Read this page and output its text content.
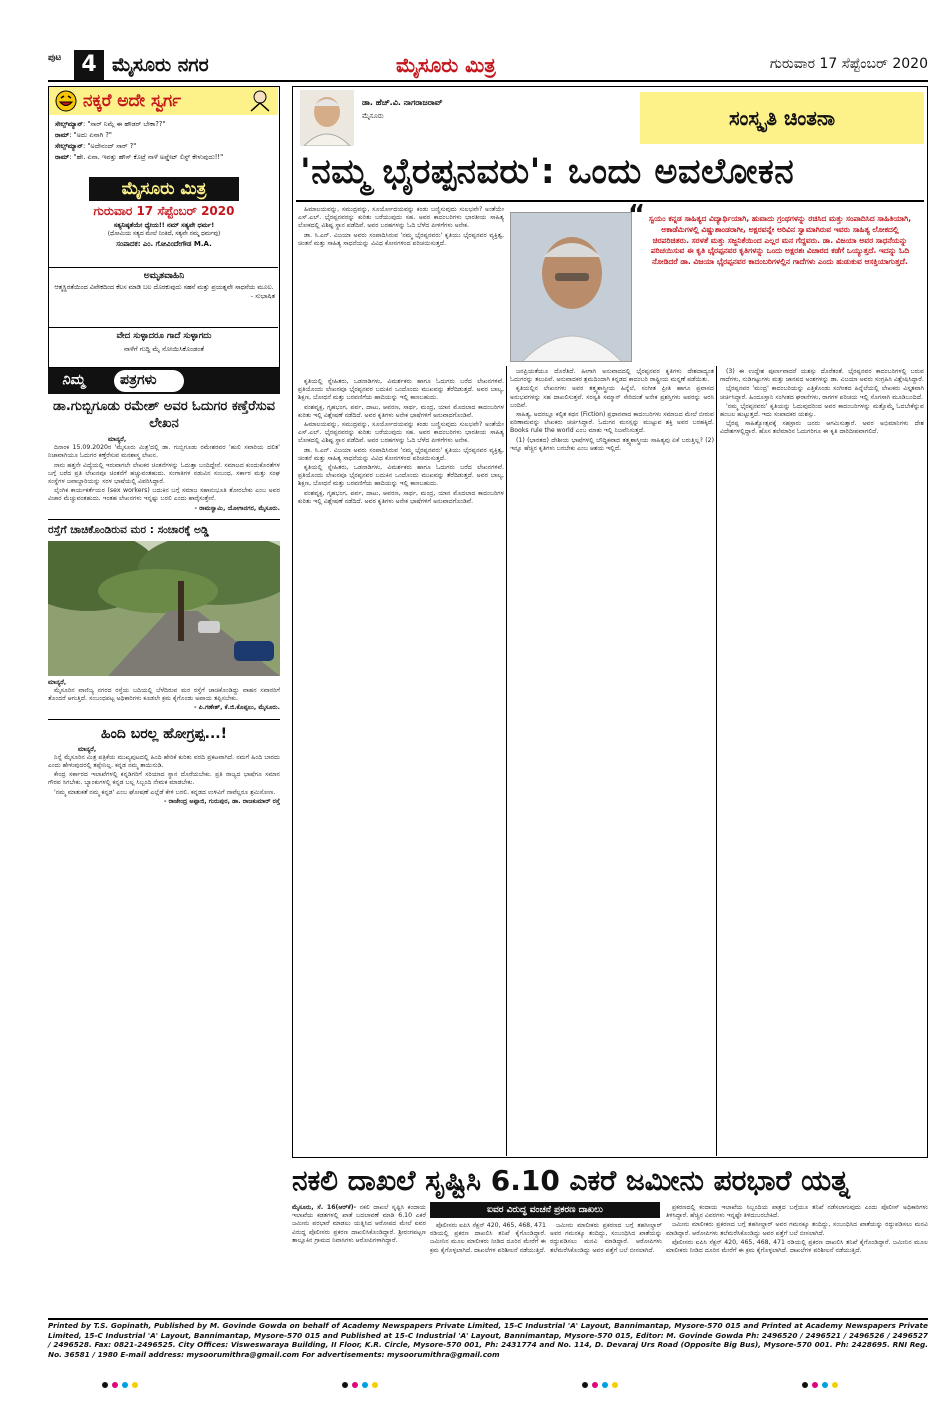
ಪುಟ 4 ಮೈಸೂರು ನಗರ	ಮೈಸೂರು ಮಿತ್ರ	ಗುರುವಾರ 17 ಸೆಪ್ಟೆಂಬರ್ 2020
ನಕ್ಕರೆ ಅದೇ ಸ್ವರ್ಗ
ಸೇಲ್ಸ್‌ಮ್ಯಾನ್: "ಸಾರ್ ನಿಮ್ಗೆ ಈ ಹೌಡರ್ ಬೇಕಾ??"
ರಾಮ್: "ಅದು ಏನಾಗಿ ?"
ಸೇಲ್ಸ್‌ಮ್ಯಾನ್: "ಅದೇನಂದ್ ಸಾರ್ ?"
ರಾಮ್: "ಹೇ. ಏನಾ. ಇವತ್ತು ಹೌಸ್ ಕೊಟ್ರೆ ನಾಳೆ ಅಪ್ಡೇಟ್ ಲಿಸ್ಟ್ ಕೇಳುವುದು!!"
ಮೈಸೂರು ಮಿತ್ರ
ಗುರುವಾರ 17 ಸೆಪ್ಟೆಂಬರ್ 2020
ಸತ್ಯನಿಷ್ಠತೆಯೇ ಧ್ಯೇಯ!! ನಮ್ ಸತ್ಯವೇ ಧರ್ಮ!
(ಧೋಮಿಯ ಸತ್ಯದ ಮೇಲೆ ನಿಂತಿದೆ, ಸತ್ಯವೇ ನಮ್ಮ ಧರ್ಮವು)
ಸಂಪಾದಕ: ಎಂ. ಗೋವಿಂದೇಗೌಡ M.A.
ಅಮೃತವಾಹಿನಿ
ಆತ್ಮಸ್ಥಿರತೆಯಿಂದ ವಿವೇಕದಿಂದ ಕೆಲಸ ಮಾಡಿ ಬಲ ದೊರಕುವುದು ಸಹನೆ ಮತ್ತು ಪ್ರಯತ್ನವೇ ಸಾಧನೆಯ ಮೂಲ.
- ಸುಭಾಷಿತ
ವೇದ ಸುಳ್ಳಾದರೂ ಗಾದೆ ಸುಳ್ಳಾಗದು
ನಾಳೆಗೆ ಗುದ್ದಿ ಮೈ ನೋಯಿಸಿಕೊಂಡಂತೆ
ನಿಮ್ಮ ಪತ್ರಗಳು
ಡಾ.ಗುಬ್ಬಿಗೂಡು ರಮೇಶ್ ಅವರ ಓದುಗರ ಕಣ್ತೆರೆಸುವ ಲೇಖನ
ಮಾನ್ಯರೆ,

ದಿನಾಂಕ 15.09.2020ರ 'ಮೈಸೂರು ಮಿತ್ರ'ದಲ್ಲಿ ಡಾ. ಗುಬ್ಬಿಗೂಡು ರಮೇಶರವರ 'ಹುಲಿ ಸವಾರಿಯ ದಲಿತ' ನಿಜಾವಾಗಿಯೂ ಓದುಗರ ಕಣ್ತೆರೆಸುವ ಮನಶಾಸ್ತ್ರ ಲೇಖನ.

ನಾನು ಹತ್ತನೇ ವಿದ್ಯೆಯಲ್ಲಿ ಇರುವಾಗಲೇ ಲೇಖಕರ ಚಿಂತನೆಗಳನ್ನು ಓದುತ್ತಾ ಬಂದಿದ್ದೇನೆ. ಸಮಾಜದ ಕುಂದುಕೊರತೆಗಳ ಬಗ್ಗೆ ಬರೆದ ಪ್ರತಿ ಲೇಖನವೂ ಚಿಂತನೆಗೆ ಹಚ್ಚುವಂತಹುದು. ಸಂಗಾತಿಗಳ ನಡುವಿನ ಸಂಬಂಧ, ಸರ್ಕಾರ ಮತ್ತು ಸಂಘ ಸಂಸ್ಥೆಗಳ ಜವಾಬ್ದಾರಿಯನ್ನು ಸರಳ ಭಾಷೆಯಲ್ಲಿ ವಿವರಿಸಿದ್ದಾರೆ.

ಲೈಂಗಿಕ ಕಾರ್ಯಕರ್ತೆಯರ (sex workers) ಬದುಕಿನ ಬಗ್ಗೆ ಸಮಾಜ ಸಹಾನುಭೂತಿ ತೋರಬೇಕು ಎಂಬ ಅವರ ವಿಚಾರ ಮೆಚ್ಚುವಂತಹುದು. ಇಂತಹ ಲೇಖನಗಳು ಇನ್ನಷ್ಟು ಬರಲಿ ಎಂದು ಹಾರೈಸುತ್ತೇನೆ.

- ರಾಮಸ್ವಾಮಿ, ಯೋಗಾನಗರ, ಮೈಸೂರು.
ರಸ್ತೆಗೆ ಚಾಚಿಕೊಂಡಿರುವ ಮರ : ಸಂಚಾರಕ್ಕೆ ಅಡ್ಡಿ
ಮಾನ್ಯರೆ,

ಮೈಸೂರಿನ ವಾಣಿಜ್ಯ ನಗರದ ರಸ್ತೆಯ ಬದಿಯಲ್ಲಿ ಬೆಳೆದಿರುವ ಮರ ರಸ್ತೆಗೆ ಚಾಚಿಕೊಂಡಿದ್ದು ವಾಹನ ಸವಾರರಿಗೆ ತೊಂದರೆ ಆಗುತ್ತಿದೆ. ಸಂಬಂಧಪಟ್ಟ ಅಧಿಕಾರಿಗಳು ಕೂಡಲೇ ಕ್ರಮ ಕೈಗೊಂಡು ಅಪಾಯ ತಪ್ಪಿಸಬೇಕು.

- ಪಿ.ಗಣೇಶ್, ಕೆ.ಜಿ.ಕೊಪ್ಪಲು, ಮೈಸೂರು.
ಹಿಂದಿ ಬರಲ್ಲ ಹೋಗ್ರಪ್ಪ...!
ಮಾನ್ಯರೆ,

ನಿನ್ನೆ ಮೈಸೂರಿನ ಮಿತ್ರ ಪತ್ರಿಕೆಯ ಮುಖ್ಯಪುಟದಲ್ಲಿ ಹಿಂದಿ ಹೇರಿಕೆ ಕುರಿತು ವರದಿ ಪ್ರಕಟವಾಗಿದೆ. ನಮಗೆ ಹಿಂದಿ ಬಾರದು ಎಂದು ಹೇಳುವುದರಲ್ಲಿ ತಪ್ಪೇನಿಲ್ಲ. ಕನ್ನಡ ನಮ್ಮ ತಾಯಿನುಡಿ.

ಕೇಂದ್ರ ಸರ್ಕಾರದ ಇಲಾಖೆಗಳಲ್ಲಿ ಕನ್ನಡಿಗರಿಗೆ ಸರಿಯಾದ ಸ್ಥಾನ ದೊರೆಯಬೇಕು. ಪ್ರತಿ ರಾಜ್ಯದ ಭಾಷೆಗೂ ಸಮಾನ ಗೌರವ ಸಿಗಬೇಕು. ಬ್ಯಾಂಕುಗಳಲ್ಲಿ ಕನ್ನಡ ಬಲ್ಲ ಸಿಬ್ಬಂದಿ ನೇಮಕ ಮಾಡಬೇಕು.

'ನಮ್ಮ ಮಾತುಕತೆ ನಮ್ಮ ಕನ್ನಡ' ಎಂಬ ಘೋಷಣೆ ಎಲ್ಲೆಡೆ ಕೇಳಿ ಬರಲಿ. ಕನ್ನಡದ ಉಳಿವಿಗೆ ನಾವೆಲ್ಲರೂ ಶ್ರಮಿಸೋಣ.

- ರಾಜೇಂದ್ರ ಅಪ್ಪಾಜಿ, ಗುರುಪುರ, ಡಾ. ರಾಜಕುಮಾರ್ ರಸ್ತೆ
ಡಾ. ಹೆಚ್.ವಿ. ನಾಗರಾಜರಾವ್
ಮೈಸೂರು	ಸಂಸ್ಕೃತಿ ಚಿಂತನಾ
'ನಮ್ಮ ಭೈರಪ್ಪನವರು': ಒಂದು ಅವಲೋಕನ
“ ಸ್ವಯಂ ಕನ್ನಡ ಸಾಹಿತ್ಯದ ವಿದ್ಯಾರ್ಥಿಯಾಗಿ, ಹುವಾದು ಗ್ರಂಥಗಳನ್ನು ರಚಿಸಿದ ಮತ್ತು ಸಂಪಾದಿಸಿದ ಸಾಹಿತಿಯಾಗಿ, ಅಕಾಡೆಮಿಗಳಲ್ಲಿ ವಿಷ್ಣುಶಾಂಡರಾಗೀ, ಅಕ್ಷರವನ್ನೇ ಅರಿವಿನ ಸ್ವಾಮಾಗಿರುವ ಇವರು ಸಾಹಿತ್ಯ ಲೋಕದಲ್ಲಿ ಚಿರಪರಿಚಿತರು. ಸರಳತೆ ಮತ್ತು ಸಜ್ಜನಿಕೆಯಿಂದ ಎಲ್ಲರ ಮನ ಗೆದ್ದವರು. ಡಾ. ವಿಜಯಾ ಅವರ ಸಾಧನೆಯನ್ನು ಪರಿಚಯಿಸುವ ಈ ಕೃತಿ ಭೈರಪ್ಪನವರ ಕೃತಿಗಳನ್ನು ಒಂದು ಅಕ್ಷರಶಃ ವಿಚಾರದ ಕಡೆಗೆ ಒಯ್ಯುತ್ತದೆ. ಇದನ್ನು ಓದಿ ನೋಡಿದರೆ ಡಾ. ವಿಜಯಾ ಭೈರಪ್ಪನವರ ಕಾದಂಬರಿಗಳಲ್ಲಿನ ಗಾದೆಗಳು ಎಂದು ಹುಡುಕುವ ಆಸಕ್ತಿಯಾಗುತ್ತದೆ.

ಹಿಮಾಲಯವನ್ನು, ಸಮುದ್ರವನ್ನು, ಸೂರ್ಯೋದಯವನ್ನು ಕಂಡು ಬಣ್ಣಿಸುವುದು ಸುಲಭವೇ? ಅಂತೆಯೇ ಎಸ್.ಎಲ್. ಭೈರಪ್ಪನವರನ್ನು ಕುರಿತು ಬರೆಯುವುದು ಸಹ. ಅವರ ಕಾದಂಬರಿಗಳು ಭಾರತೀಯ ಸಾಹಿತ್ಯ ಲೋಕದಲ್ಲಿ ವಿಶಿಷ್ಟ ಸ್ಥಾನ ಪಡೆದಿವೆ. ಅವರ ಬರಹಗಳನ್ನು ಓದಿ ಬೆಳೆದ ಪೀಳಿಗೆಗಳು ಅನೇಕ.

ಡಾ. ಸಿ.ಎನ್. ವಿಜಯಾ ಅವರು ಸಂಪಾದಿಸಿರುವ 'ನಮ್ಮ ಭೈರಪ್ಪನವರು' ಕೃತಿಯು ಭೈರಪ್ಪನವರ ವ್ಯಕ್ತಿತ್ವ, ಚಿಂತನೆ ಮತ್ತು ಸಾಹಿತ್ಯ ಸಾಧನೆಯನ್ನು ವಿವಿಧ ಕೋನಗಳಿಂದ ಪರಿಚಯಿಸುತ್ತದೆ.

ಕೃತಿಯಲ್ಲಿ ಸ್ನೇಹಿತರು, ಒಡನಾಡಿಗಳು, ವಿಮರ್ಶಕರು ಹಾಗೂ ಓದುಗರು ಬರೆದ ಲೇಖನಗಳಿವೆ. ಪ್ರತಿಯೊಂದು ಲೇಖನವೂ ಭೈರಪ್ಪನವರ ಬದುಕಿನ ಒಂದೊಂದು ಮುಖವನ್ನು ತೆರೆದಿಡುತ್ತದೆ. ಅವರ ಬಾಲ್ಯ, ಶಿಕ್ಷಣ, ಬೋಧನೆ ಮತ್ತು ಬರವಣಿಗೆಯ ಹಾದಿಯನ್ನು ಇಲ್ಲಿ ಕಾಣಬಹುದು.

ವಂಶವೃಕ್ಷ, ಗೃಹಭಂಗ, ಪರ್ವ, ದಾಟು, ಆವರಣ, ಸಾರ್ಥ, ಮಂದ್ರ, ಯಾನ ಮೊದಲಾದ ಕಾದಂಬರಿಗಳ ಕುರಿತು ಇಲ್ಲಿ ವಿಶ್ಲೇಷಣೆ ನಡೆದಿದೆ. ಅವರ ಕೃತಿಗಳು ಅನೇಕ ಭಾಷೆಗಳಿಗೆ ಅನುವಾದಗೊಂಡಿವೆ.

ಹಿಮಾಲಯವನ್ನು, ಸಮುದ್ರವನ್ನು, ಸೂರ್ಯೋದಯವನ್ನು ಕಂಡು ಬಣ್ಣಿಸುವುದು ಸುಲಭವೇ? ಅಂತೆಯೇ ಎಸ್.ಎಲ್. ಭೈರಪ್ಪನವರನ್ನು ಕುರಿತು ಬರೆಯುವುದು ಸಹ. ಅವರ ಕಾದಂಬರಿಗಳು ಭಾರತೀಯ ಸಾಹಿತ್ಯ ಲೋಕದಲ್ಲಿ ವಿಶಿಷ್ಟ ಸ್ಥಾನ ಪಡೆದಿವೆ. ಅವರ ಬರಹಗಳನ್ನು ಓದಿ ಬೆಳೆದ ಪೀಳಿಗೆಗಳು ಅನೇಕ.

ಡಾ. ಸಿ.ಎನ್. ವಿಜಯಾ ಅವರು ಸಂಪಾದಿಸಿರುವ 'ನಮ್ಮ ಭೈರಪ್ಪನವರು' ಕೃತಿಯು ಭೈರಪ್ಪನವರ ವ್ಯಕ್ತಿತ್ವ, ಚಿಂತನೆ ಮತ್ತು ಸಾಹಿತ್ಯ ಸಾಧನೆಯನ್ನು ವಿವಿಧ ಕೋನಗಳಿಂದ ಪರಿಚಯಿಸುತ್ತದೆ.

ಕೃತಿಯಲ್ಲಿ ಸ್ನೇಹಿತರು, ಒಡನಾಡಿಗಳು, ವಿಮರ್ಶಕರು ಹಾಗೂ ಓದುಗರು ಬರೆದ ಲೇಖನಗಳಿವೆ. ಪ್ರತಿಯೊಂದು ಲೇಖನವೂ ಭೈರಪ್ಪನವರ ಬದುಕಿನ ಒಂದೊಂದು ಮುಖವನ್ನು ತೆರೆದಿಡುತ್ತದೆ. ಅವರ ಬಾಲ್ಯ, ಶಿಕ್ಷಣ, ಬೋಧನೆ ಮತ್ತು ಬರವಣಿಗೆಯ ಹಾದಿಯನ್ನು ಇಲ್ಲಿ ಕಾಣಬಹುದು.

ವಂಶವೃಕ್ಷ, ಗೃಹಭಂಗ, ಪರ್ವ, ದಾಟು, ಆವರಣ, ಸಾರ್ಥ, ಮಂದ್ರ, ಯಾನ ಮೊದಲಾದ ಕಾದಂಬರಿಗಳ ಕುರಿತು ಇಲ್ಲಿ ವಿಶ್ಲೇಷಣೆ ನಡೆದಿದೆ. ಅವರ ಕೃತಿಗಳು ಅನೇಕ ಭಾಷೆಗಳಿಗೆ ಅನುವಾದಗೊಂಡಿವೆ.

ಜನಪ್ರಿಯತೆಯೂ ದೊರೆತಿದೆ. ಹೀಗಾಗಿ ಅನುವಾದದಲ್ಲಿ ಭೈರಪ್ಪನವರ ಕೃತಿಗಳು ದೇಶದಾದ್ಯಂತ ಓದುಗರನ್ನು ತಲುಪಿವೆ. ಅನುವಾದಕರ ಶ್ರಮದಿಂದಾಗಿ ಕನ್ನಡದ ಕಾದಂಬರಿ ರಾಷ್ಟ್ರೀಯ ಮನ್ನಣೆ ಪಡೆಯಿತು.

ಕೃತಿಯಲ್ಲಿನ ಲೇಖನಗಳು ಅವರ ತತ್ತ್ವಶಾಸ್ತ್ರೀಯ ಹಿನ್ನೆಲೆ, ಸಂಗೀತ ಪ್ರೀತಿ ಹಾಗೂ ಪ್ರವಾಸದ ಅನುಭವಗಳನ್ನು ಸಹ ದಾಖಲಿಸುತ್ತವೆ. ಸರಸ್ವತಿ ಸಮ್ಮಾನ್ ಸೇರಿದಂತೆ ಅನೇಕ ಪ್ರಶಸ್ತಿಗಳು ಅವರನ್ನು ಅರಸಿ ಬಂದಿವೆ.

ಸಾಹಿತ್ಯ, ಅದರಲ್ಲೂ ಕಲ್ಪಿತ ಕಥನ (Fiction) ಪ್ರಧಾನವಾದ ಕಾದಂಬರಿಗಳು ಸಮಾಜದ ಮೇಲೆ ಬೀರುವ ಪರಿಣಾಮವನ್ನು ಲೇಖಕರು ಚರ್ಚಿಸಿದ್ದಾರೆ. ಓದುಗನ ಮನಸ್ಸನ್ನು ಮುಟ್ಟುವ ಶಕ್ತಿ ಅವರ ಬರಹಕ್ಕಿದೆ. Books rule the world ಎಂಬ ಮಾತು ಇಲ್ಲಿ ನಿಜವೆನಿಸುತ್ತದೆ.

(1) (ಭಾರತದ) ದೇಶೀಯ ಭಾಷೆಗಳಲ್ಲಿ ಬೌದ್ಧಿಕವಾದ ತತ್ತ್ವಶಾಸ್ತ್ರೀಯ ಸಾಹಿತ್ಯವು ಏಕೆ ಬರುತ್ತಿಲ್ಲ? (2) ಇನ್ನೂ ಹೆಚ್ಚಿನ ಕೃತಿಗಳು ಬರಬೇಕು ಎಂಬ ಆಶಯ ಇಲ್ಲಿದೆ.

(3) ಈ ಉದ್ದೇಶ ಪೂರ್ಣವಾದರೆ ಯಶಸ್ಸು ದೊರೆತಂತೆ. ಭೈರಪ್ಪನವರ ಕಾದಂಬರಿಗಳಲ್ಲಿ ಬರುವ ಗಾದೆಗಳು, ನುಡಿಗಟ್ಟುಗಳು ಮತ್ತು ಜಾನಪದ ಅಂಶಗಳನ್ನು ಡಾ. ವಿಜಯಾ ಅವರು ಸಂಗ್ರಹಿಸಿ ವಿಶ್ಲೇಷಿಸಿದ್ದಾರೆ.

ಭೈರಪ್ಪನವರ 'ಮಂದ್ರ' ಕಾದಂಬರಿಯನ್ನು ಎತ್ತಿಕೊಂಡು ಸಂಗೀತದ ಹಿನ್ನೆಲೆಯಲ್ಲಿ ಲೇಖಕರು ವಿಸ್ತೃತವಾಗಿ ಚರ್ಚಿಸಿದ್ದಾರೆ. ಹಿಂದೂಸ್ತಾನಿ ಸಂಗೀತದ ಘರಾನೆಗಳು, ರಾಗಗಳ ಪರಿಚಯ ಇಲ್ಲಿ ಸೊಗಸಾಗಿ ಮೂಡಿಬಂದಿದೆ.

'ನಮ್ಮ ಭೈರಪ್ಪನವರು' ಕೃತಿಯನ್ನು ಓದುವುದರಿಂದ ಅವರ ಕಾದಂಬರಿಗಳನ್ನು ಮತ್ತೊಮ್ಮೆ ಓದಬೇಕೆನ್ನುವ ಹಂಬಲ ಹುಟ್ಟುತ್ತದೆ. ಇದು ಸಂಪಾದಕರ ಯಶಸ್ಸು.

ಭೈರಪ್ಪ ಸಾಹಿತ್ಯೋತ್ಸವಕ್ಕೆ ಸಹಸ್ರಾರು ಜನರು ಆಗಮಿಸುತ್ತಾರೆ. ಅವರ ಅಭಿಮಾನಿಗಳು ದೇಶ ವಿದೇಶಗಳಲ್ಲಿದ್ದಾರೆ. ಹೊಸ ತಲೆಮಾರಿನ ಓದುಗರಿಗೂ ಈ ಕೃತಿ ದಾರಿದೀಪವಾಗಲಿದೆ.

ನಕಲಿ ದಾಖಲೆ ಸೃಷ್ಟಿಸಿ 6.10 ಎಕರೆ ಜಮೀನು ಪರಭಾರೆ ಯತ್ನ
ಐವರ ವಿರುದ್ಧ ವಂಚನೆ ಪ್ರಕರಣ ದಾಖಲು
ಮೈಸೂರು, ಸೆ. 16(ಆರ್‌ಕೆ)- ನಕಲಿ ದಾಖಲೆ ಸೃಷ್ಟಿಸಿ ಕಂದಾಯ ಇಲಾಖೆಯ ಕಡತಗಳಲ್ಲಿ ಖಾತೆ ಬದಲಾವಣೆ ಮಾಡಿ 6.10 ಎಕರೆ ಜಮೀನು ಪರಭಾರೆ ಮಾಡಲು ಯತ್ನಿಸಿದ ಆರೋಪದ ಮೇಲೆ ಐವರ ವಿರುದ್ಧ ಪೊಲೀಸರು ಪ್ರಕರಣ ದಾಖಲಿಸಿಕೊಂಡಿದ್ದಾರೆ. ಶ್ರೀರಂಗಪಟ್ಟಣ ತಾಲ್ಲೂಕಿನ ಗ್ರಾಮದ ನಿವಾಸಿಗಳು ಆರೋಪಿಗಳಾಗಿದ್ದಾರೆ.

ಪೊಲೀಸರು ಐಪಿಸಿ ಸೆಕ್ಷನ್ 420, 465, 468, 471 ರಡಿಯಲ್ಲಿ ಪ್ರಕರಣ ದಾಖಲಿಸಿ ತನಿಖೆ ಕೈಗೊಂಡಿದ್ದಾರೆ. ಜಮೀನಿನ ಮೂಲ ಮಾಲೀಕರು ನೀಡಿದ ದೂರಿನ ಮೇರೆಗೆ ಈ ಕ್ರಮ ಕೈಗೊಳ್ಳಲಾಗಿದೆ. ದಾಖಲೆಗಳ ಪರಿಶೀಲನೆ ನಡೆಯುತ್ತಿದೆ.

ಜಮೀನು ಮಾಲೀಕರು ಪ್ರಕರಣದ ಬಗ್ಗೆ ತಹಸೀಲ್ದಾರ್ ಅವರ ಗಮನಕ್ಕೂ ತಂದಿದ್ದು, ಸಂಬಂಧಿಸಿದ ಖಾತೆಯನ್ನು ರದ್ದುಪಡಿಸಲು ಮನವಿ ಮಾಡಿದ್ದಾರೆ. ಆರೋಪಿಗಳು ತಲೆಮರೆಸಿಕೊಂಡಿದ್ದು ಅವರ ಪತ್ತೆಗೆ ಬಲೆ ಬೀಸಲಾಗಿದೆ.

ಪ್ರಕರಣದಲ್ಲಿ ಕಂದಾಯ ಇಲಾಖೆಯ ಸಿಬ್ಬಂದಿಯ ಪಾತ್ರದ ಬಗ್ಗೆಯೂ ತನಿಖೆ ನಡೆಸಲಾಗುವುದು ಎಂದು ಪೊಲೀಸ್ ಅಧಿಕಾರಿಗಳು ತಿಳಿಸಿದ್ದಾರೆ. ಹೆಚ್ಚಿನ ವಿವರಗಳು ಇನ್ನಷ್ಟೇ ತಿಳಿದುಬರಬೇಕಿದೆ.

ಜಮೀನು ಮಾಲೀಕರು ಪ್ರಕರಣದ ಬಗ್ಗೆ ತಹಸೀಲ್ದಾರ್ ಅವರ ಗಮನಕ್ಕೂ ತಂದಿದ್ದು, ಸಂಬಂಧಿಸಿದ ಖಾತೆಯನ್ನು ರದ್ದುಪಡಿಸಲು ಮನವಿ ಮಾಡಿದ್ದಾರೆ. ಆರೋಪಿಗಳು ತಲೆಮರೆಸಿಕೊಂಡಿದ್ದು ಅವರ ಪತ್ತೆಗೆ ಬಲೆ ಬೀಸಲಾಗಿದೆ.

ಪೊಲೀಸರು ಐಪಿಸಿ ಸೆಕ್ಷನ್ 420, 465, 468, 471 ರಡಿಯಲ್ಲಿ ಪ್ರಕರಣ ದಾಖಲಿಸಿ ತನಿಖೆ ಕೈಗೊಂಡಿದ್ದಾರೆ. ಜಮೀನಿನ ಮೂಲ ಮಾಲೀಕರು ನೀಡಿದ ದೂರಿನ ಮೇರೆಗೆ ಈ ಕ್ರಮ ಕೈಗೊಳ್ಳಲಾಗಿದೆ. ದಾಖಲೆಗಳ ಪರಿಶೀಲನೆ ನಡೆಯುತ್ತಿದೆ.

Printed by T.S. Gopinath, Published by M. Govinde Gowda on behalf of Academy Newspapers Private Limited, 15-C Industrial 'A' Layout, Bannimantap, Mysore-570 015 and Printed at Academy Newspapers Private Limited, 15-C Industrial 'A' Layout, Bannimantap, Mysore-570 015 and Published at 15-C Industrial 'A' Layout, Bannimantap, Mysore-570 015, Editor: M. Govinde Gowda Ph: 2496520 / 2496521 / 2496526 / 2496527 / 2496528. Fax: 0821-2496525. City Offices: Visweswaraya Building, II Floor, K.R. Circle, Mysore-570 001, Ph: 2431774 and No. 114, D. Devaraj Urs Road (Opposite Big Bus), Mysore-570 001. Ph: 2428695. RNI Reg. No. 36581 / 1980 E-mail address: mysoorumithra@gmail.com For advertisements: mysoorumithra@gmail.com
